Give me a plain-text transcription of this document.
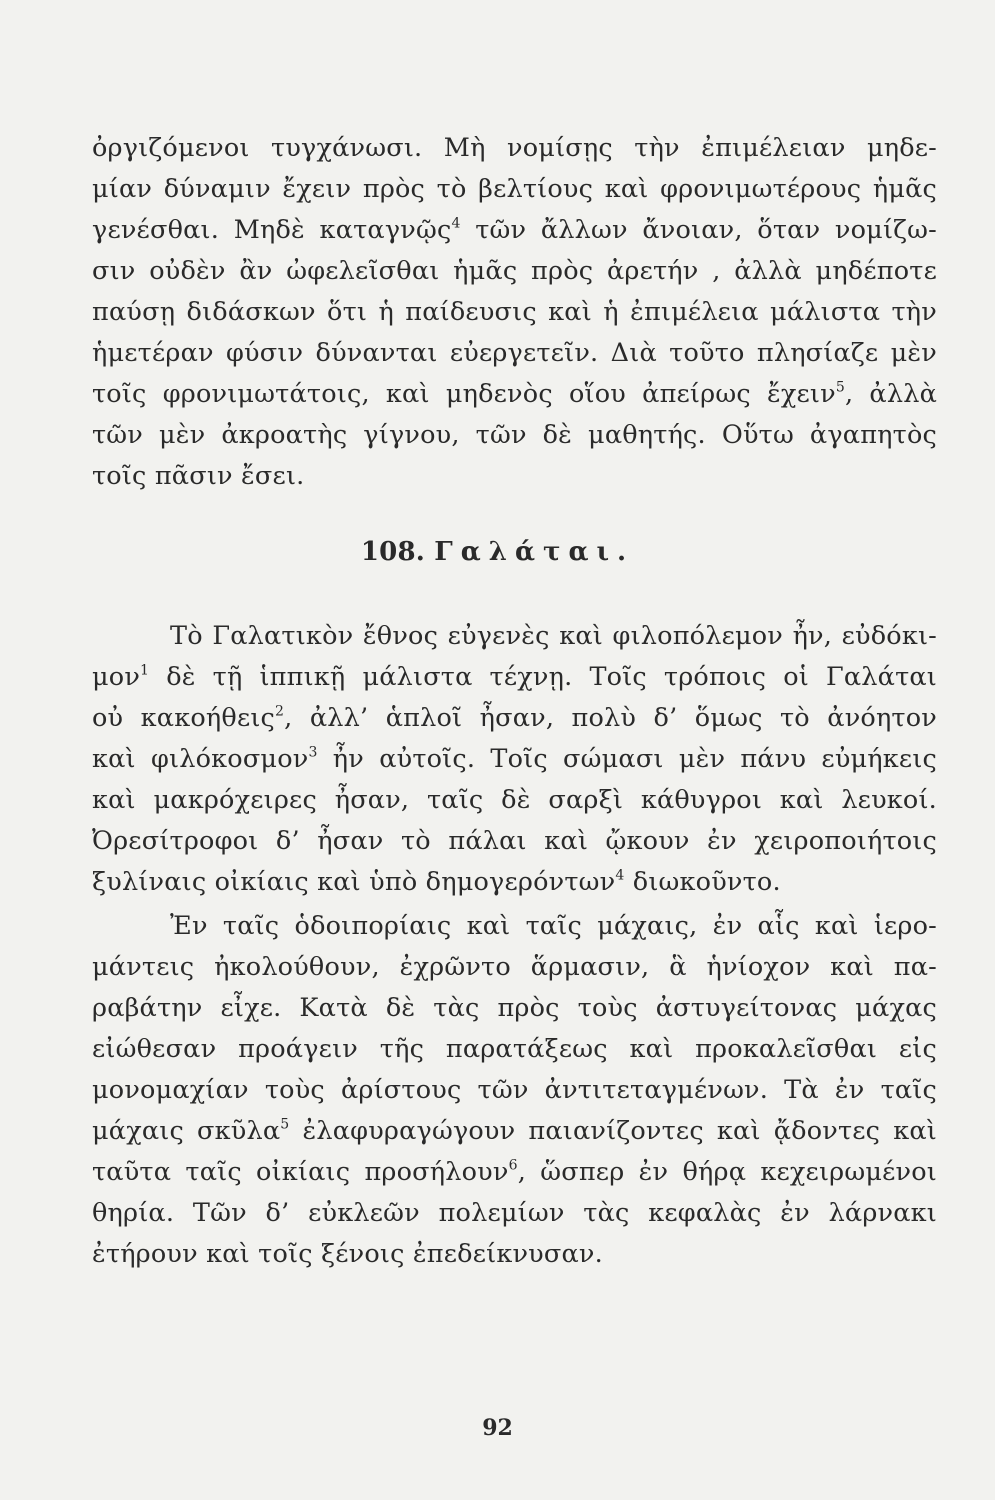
ὀργιζόμενοι τυγχάνωσι. Μὴ νομίσῃς τὴν ἐπιμέλειαν μηδε-
μίαν δύναμιν ἔχειν πρὸς τὸ βελτίους καὶ φρονιμωτέρους ἡμᾶς
γενέσθαι. Μηδὲ καταγνῷς$^4$ τῶν ἄλλων ἄνοιαν, ὅταν νομίζω-
σιν οὐδὲν ἂν ὠφελεῖσθαι ἡμᾶς πρὸς ἀρετήν , ἀλλὰ μηδέποτε
παύσῃ διδάσκων ὅτι ἡ παίδευσις καὶ ἡ ἐπιμέλεια μάλιστα τὴν
ἡμετέραν φύσιν δύνανται εὐεργετεῖν. Διὰ τοῦτο πλησίαζε μὲν
τοῖς φρονιμωτάτοις, καὶ μηδενὸς οἵου ἀπείρως ἔχειν$^5$, ἀλλὰ
τῶν μὲν ἀκροατὴς γίγνου, τῶν δὲ μαθητής. Οὕτω ἀγαπητὸς
τοῖς πᾶσιν ἔσει.
108. Γαλάται.
Τὸ Γαλατικὸν ἔθνος εὐγενὲς καὶ φιλοπόλεμον ἦν, εὐδόκι-
μον$^1$ δὲ τῇ ἱππικῇ μάλιστα τέχνῃ. Τοῖς τρόποις οἱ Γαλάται
οὐ κακοήθεις$^2$, ἀλλ’ ἁπλοῖ ἦσαν, πολὺ δ’ ὅμως τὸ ἀνόητον
καὶ φιλόκοσμον$^3$ ἦν αὐτοῖς. Τοῖς σώμασι μὲν πάνυ εὐμήκεις
καὶ μακρόχειρες ἦσαν, ταῖς δὲ σαρξὶ κάθυγροι καὶ λευκοί.
Ὀρεσίτροφοι δ’ ἦσαν τὸ πάλαι καὶ ᾤκουν ἐν χειροποιήτοις
ξυλίναις οἰκίαις καὶ ὑπὸ δημογερόντων$^4$ διωκοῦντο.
Ἐν ταῖς ὁδοιπορίαις καὶ ταῖς μάχαις, ἐν αἷς καὶ ἱερο-
μάντεις ἠκολούθουν, ἐχρῶντο ἅρμασιν, ἃ ἡνίοχον καὶ πα-
ραβάτην εἶχε. Κατὰ δὲ τὰς πρὸς τοὺς ἀστυγείτονας μάχας
εἰώθεσαν προάγειν τῆς παρατάξεως καὶ προκαλεῖσθαι εἰς
μονομαχίαν τοὺς ἀρίστους τῶν ἀντιτεταγμένων. Τὰ ἐν ταῖς
μάχαις σκῦλα$^5$ ἐλαφυραγώγουν παιανίζοντες καὶ ᾄδοντες καὶ
ταῦτα ταῖς οἰκίαις προσήλουν$^6$, ὥσπερ ἐν θήρᾳ κεχειρωμένοι
θηρία. Τῶν δ’ εὐκλεῶν πολεμίων τὰς κεφαλὰς ἐν λάρνακι
ἐτήρουν καὶ τοῖς ξένοις ἐπεδείκνυσαν.
92
